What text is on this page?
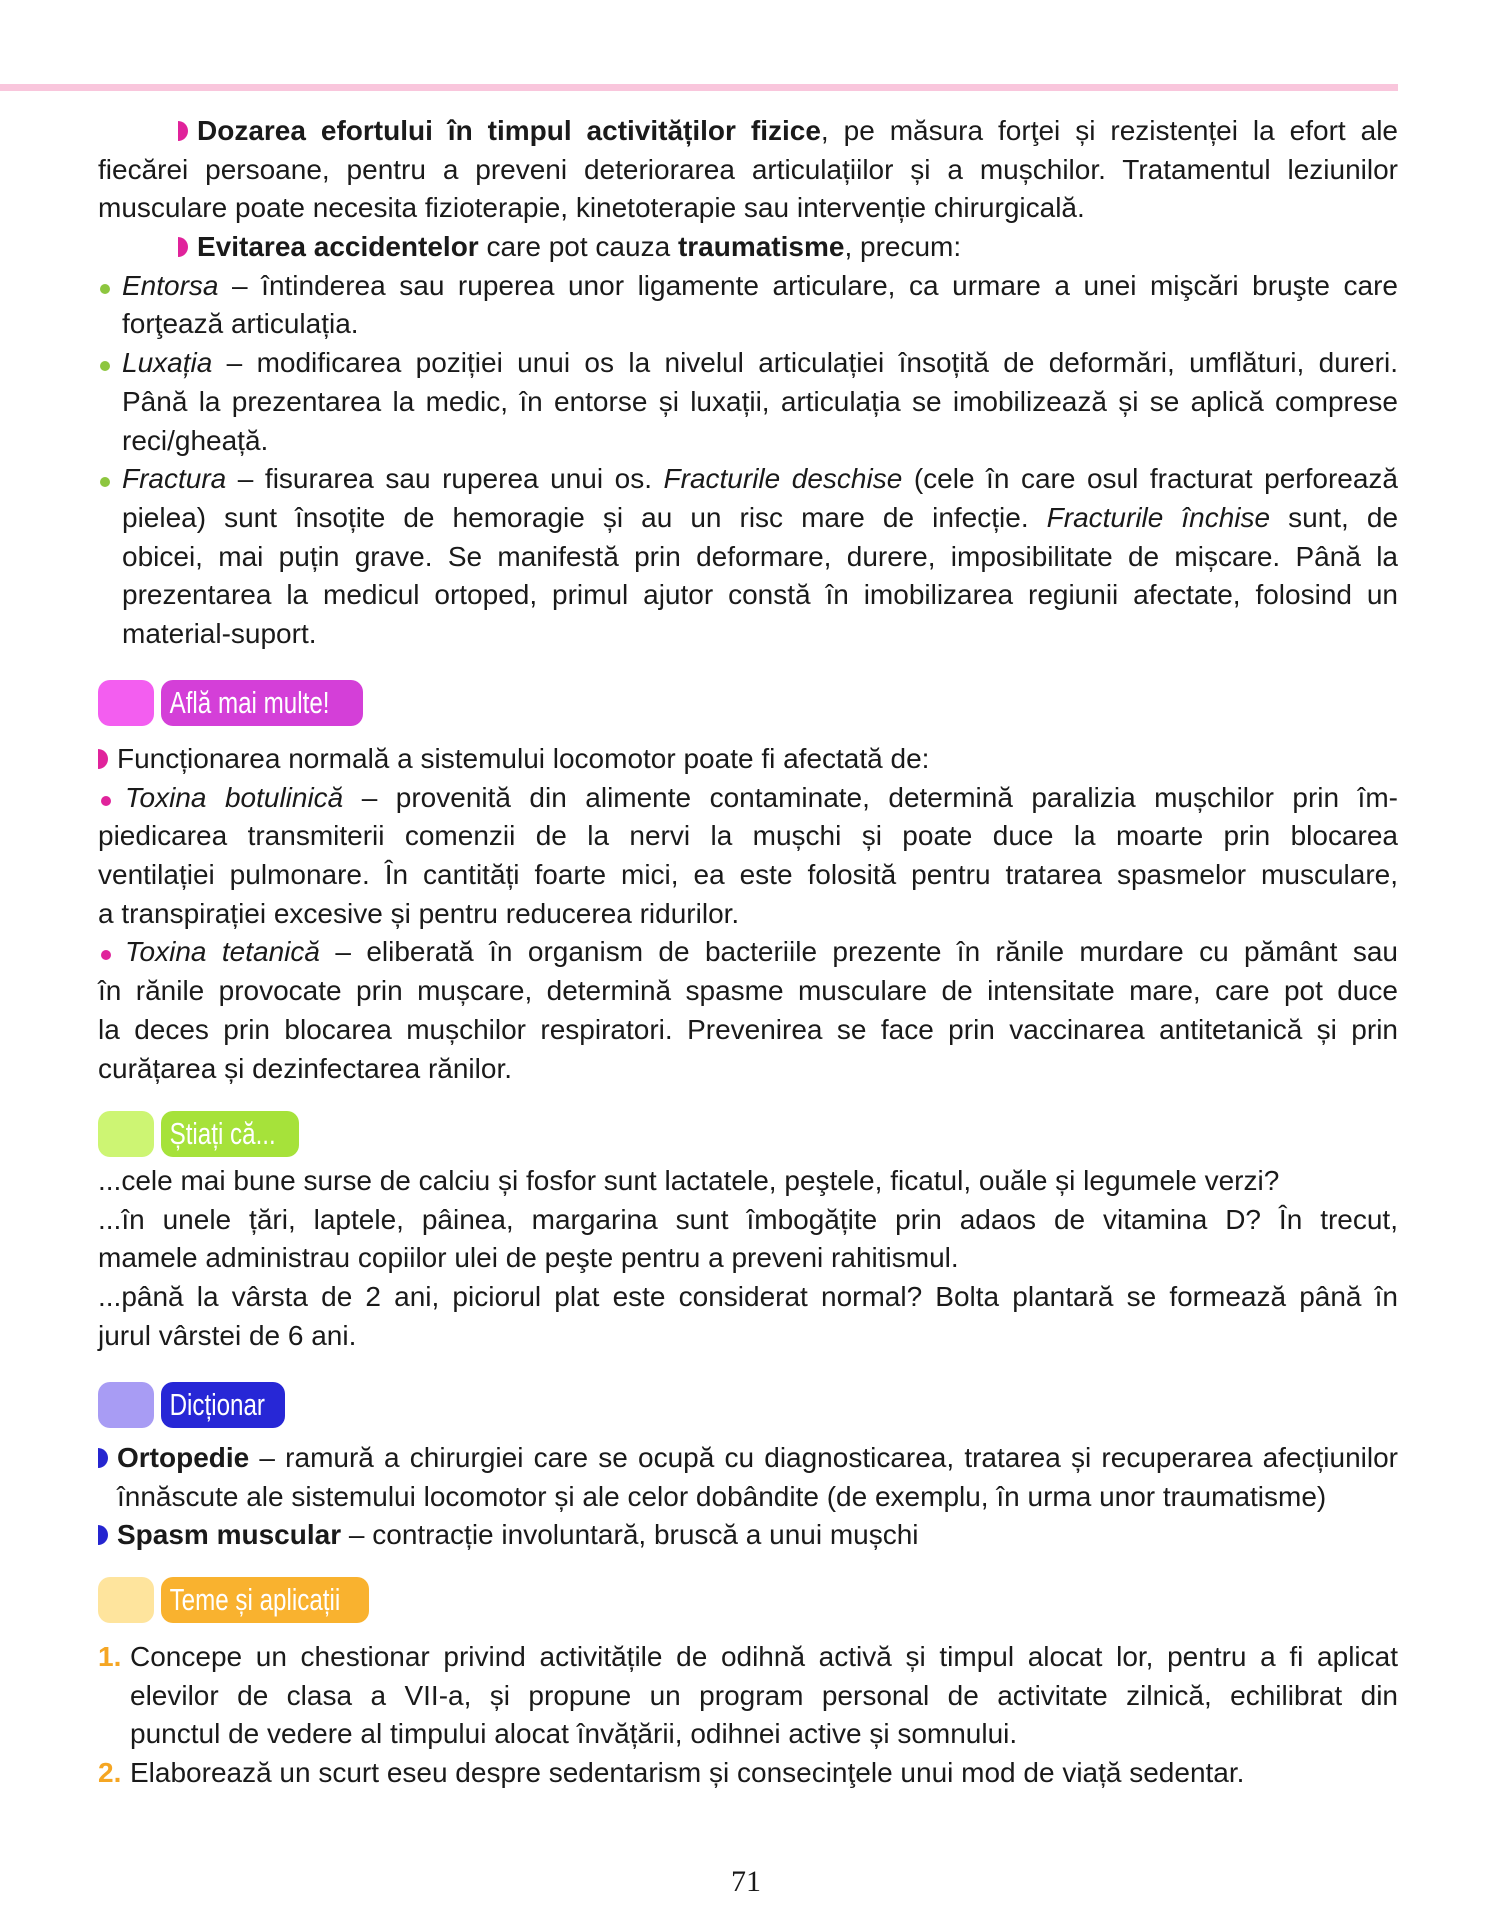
Dozarea efortului în timpul activităților fizice, pe măsura forţei și rezistenței la efort ale
fiecărei persoane, pentru a preveni deteriorarea articulațiilor și a mușchilor. Tratamentul leziunilor
musculare poate necesita fizioterapie, kinetoterapie sau intervenție chirurgicală.
Evitarea accidentelor care pot cauza traumatisme, precum:
Entorsa – întinderea sau ruperea unor ligamente articulare, ca urmare a unei mişcări bruşte care
forţează articulația.
Luxația – modificarea poziției unui os la nivelul articulației însoțită de deformări, umflături, dureri.
Până la prezentarea la medic, în entorse și luxații, articulația se imobilizează și se aplică comprese
reci/gheață.
Fractura – fisurarea sau ruperea unui os. Fracturile deschise (cele în care osul fracturat perforează
pielea) sunt însoțite de hemoragie și au un risc mare de infecție. Fracturile închise sunt, de
obicei, mai puțin grave. Se manifestă prin deformare, durere, imposibilitate de mișcare. Până la
prezentarea la medicul ortoped, primul ajutor constă în imobilizarea regiunii afectate, folosind un
material-suport.
Află mai multe!
Funcționarea normală a sistemului locomotor poate fi afectată de:
Toxina botulinică – provenită din alimente contaminate, determină paralizia mușchilor prin îm-
piedicarea transmiterii comenzii de la nervi la mușchi și poate duce la moarte prin blocarea
ventilației pulmonare. În cantități foarte mici, ea este folosită pentru tratarea spasmelor musculare,
a transpirației excesive și pentru reducerea ridurilor.
Toxina tetanică – eliberată în organism de bacteriile prezente în rănile murdare cu pământ sau
în rănile provocate prin mușcare, determină spasme musculare de intensitate mare, care pot duce
la deces prin blocarea mușchilor respiratori. Prevenirea se face prin vaccinarea antitetanică și prin
curățarea și dezinfectarea rănilor.
Știați că...
...cele mai bune surse de calciu și fosfor sunt lactatele, peştele, ficatul, ouăle și legumele verzi?
...în unele țări, laptele, pâinea, margarina sunt îmbogățite prin adaos de vitamina D? În trecut,
mamele administrau copiilor ulei de peşte pentru a preveni rahitismul.
...până la vârsta de 2 ani, piciorul plat este considerat normal? Bolta plantară se formează până în
jurul vârstei de 6 ani.
Dicționar
Ortopedie – ramură a chirurgiei care se ocupă cu diagnosticarea, tratarea și recuperarea afecțiunilor
înnăscute ale sistemului locomotor și ale celor dobândite (de exemplu, în urma unor traumatisme)
Spasm muscular – contracție involuntară, bruscă a unui mușchi
Teme și aplicații
1. Concepe un chestionar privind activitățile de odihnă activă și timpul alocat lor, pentru a fi aplicat
elevilor de clasa a VII-a, și propune un program personal de activitate zilnică, echilibrat din
punctul de vedere al timpului alocat învățării, odihnei active și somnului.
2. Elaborează un scurt eseu despre sedentarism și consecinţele unui mod de viață sedentar.
71
